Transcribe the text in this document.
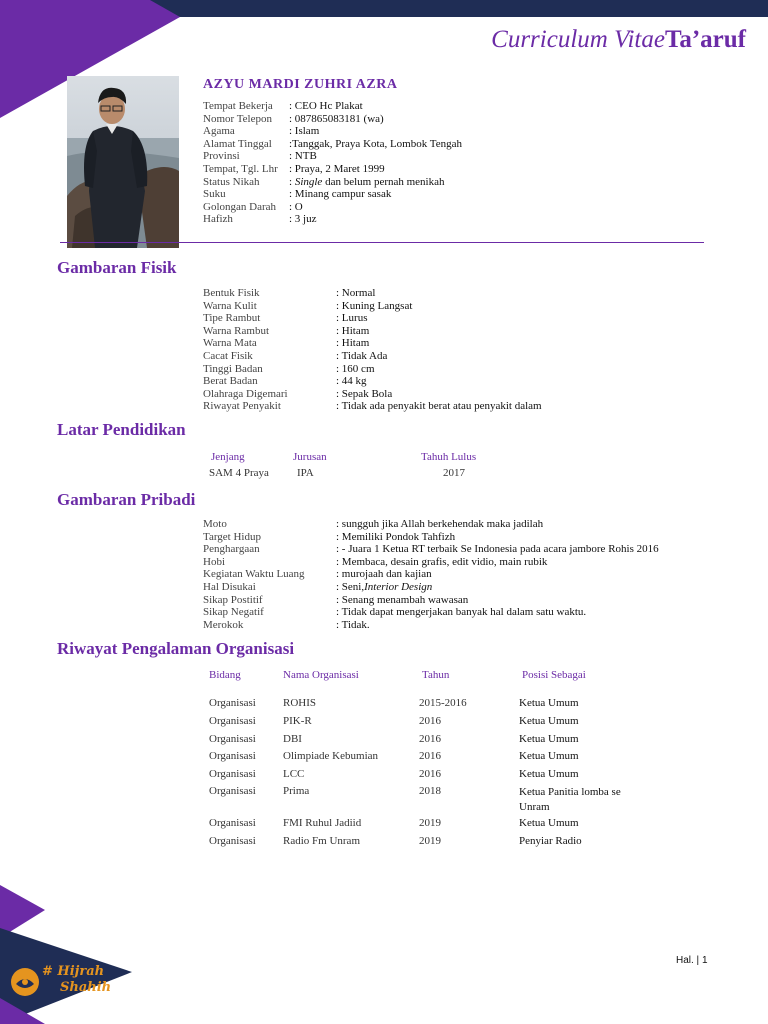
Curriculum VitaeTa’aruf
AZYU MARDI ZUHRI AZRA
Tempat Bekerja : CEO Hc Plakat
Nomor Telepon : 087865083181 (wa)
Agama	: Islam
Alamat Tinggal :Tanggak, Praya Kota, Lombok Tengah
Provinsi	: NTB
Tempat, Tgl. Lhr : Praya, 2 Maret 1999
Status Nikah	: Single dan belum pernah menikah
Suku	: Minang campur sasak
Golongan Darah : O
Hafizh	: 3 juz
Gambaran Fisik
Bentuk Fisik	: Normal
Warna Kulit	: Kuning Langsat
Tipe Rambut	: Lurus
Warna Rambut	: Hitam
Warna Mata	: Hitam
Cacat Fisik	: Tidak Ada
Tinggi Badan	: 160 cm
Berat Badan	: 44 kg
Olahraga Digemari	: Sepak Bola
Riwayat Penyakit	: Tidak ada penyakit berat atau penyakit dalam
Latar Pendidikan
Jenjang	Jurusan	Tahuh Lulus
SAM 4 Praya	IPA	2017
Gambaran Pribadi
Moto	: sungguh jika Allah berkehendak maka jadilah
Target Hidup	: Memiliki Pondok Tahfizh
Penghargaan	: - Juara 1 Ketua RT terbaik Se Indonesia pada acara jambore Rohis 2016
Hobi	: Membaca, desain grafis, edit vidio, main rubik
Kegiatan Waktu Luang	: murojaah dan kajian
Hal Disukai	: Seni,Interior Design
Sikap Postitif	: Senang menambah wawasan
Sikap Negatif	: Tidak dapat mengerjakan banyak hal dalam satu waktu.
Merokok	: Tidak.
Riwayat Pengalaman Organisasi
Bidang	Nama Organisasi	Tahun	Posisi Sebagai
Organisasi ROHIS	2015-2016	Ketua Umum
Organisasi PIK-R	2016	Ketua Umum
Organisasi DBI	2016	Ketua Umum
Organisasi Olimpiade Kebumian	2016	Ketua Umum
Organisasi LCC	2016	Ketua Umum
Organisasi Prima	2018	Ketua Panitia lomba se Unram
Organisasi FMI Ruhul Jadiid	2019	Ketua Umum
Organisasi Radio Fm Unram	2019	Penyiar Radio
# Hijrah
Shahih
Hal. | 1
